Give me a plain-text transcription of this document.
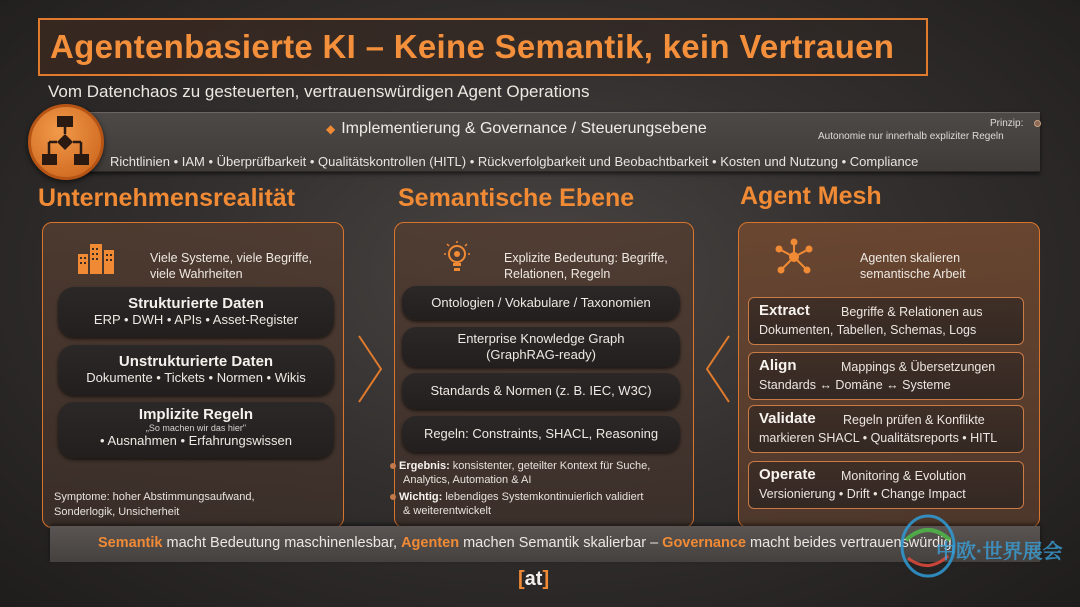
Agentenbasierte KI – Keine Semantik, kein Vertrauen
Vom Datenchaos zu gesteuerten, vertrauenswürdigen Agent Operations
◆ Implementierung & Governance / Steuerungsebene
Richtlinien • IAM • Überprüfbarkeit • Qualitätskontrollen (HITL) • Rückverfolgbarkeit und Beobachtbarkeit • Kosten und Nutzung • Compliance
Prinzip:
Autonomie nur innerhalb expliziter Regeln
Unternehmensrealität	Semantische Ebene	Agent Mesh
Viele Systeme, viele Begriffe,
viele Wahrheiten
Strukturierte Daten
ERP • DWH • APIs • Asset-Register
Unstrukturierte Daten
Dokumente • Tickets • Normen • Wikis
Implizite Regeln
„So machen wir das hier"
• Ausnahmen • Erfahrungswissen
Symptome: hoher Abstimmungsaufwand,
Sonderlogik, Unsicherheit
Explizite Bedeutung: Begriffe,
Relationen, Regeln
Ontologien / Vokabulare / Taxonomien
Enterprise Knowledge Graph
(GraphRAG-ready)
Standards & Normen (z. B. IEC, W3C)
Regeln: Constraints, SHACL, Reasoning
Ergebnis: konsistenter, geteilter Kontext für Suche,
Analytics, Automation & AI
Wichtig: lebendiges Systemkontinuierlich validiert
& weiterentwickelt
Agenten skalieren
semantische Arbeit
Extract Begriffe & Relationen aus
Dokumenten, Tabellen, Schemas, Logs
Align	Mappings & Übersetzungen
Standards ↔ Domäne ↔ Systeme
Validate Regeln prüfen & Konflikte
markieren SHACL • Qualitätsreports • HITL
Operate Monitoring & Evolution
Versionierung • Drift • Change Impact
Semantik macht Bedeutung maschinenlesbar, Agenten machen Semantik skalierbar – Governance macht beides vertrauenswürdig
中欧·世界展会
[at]
